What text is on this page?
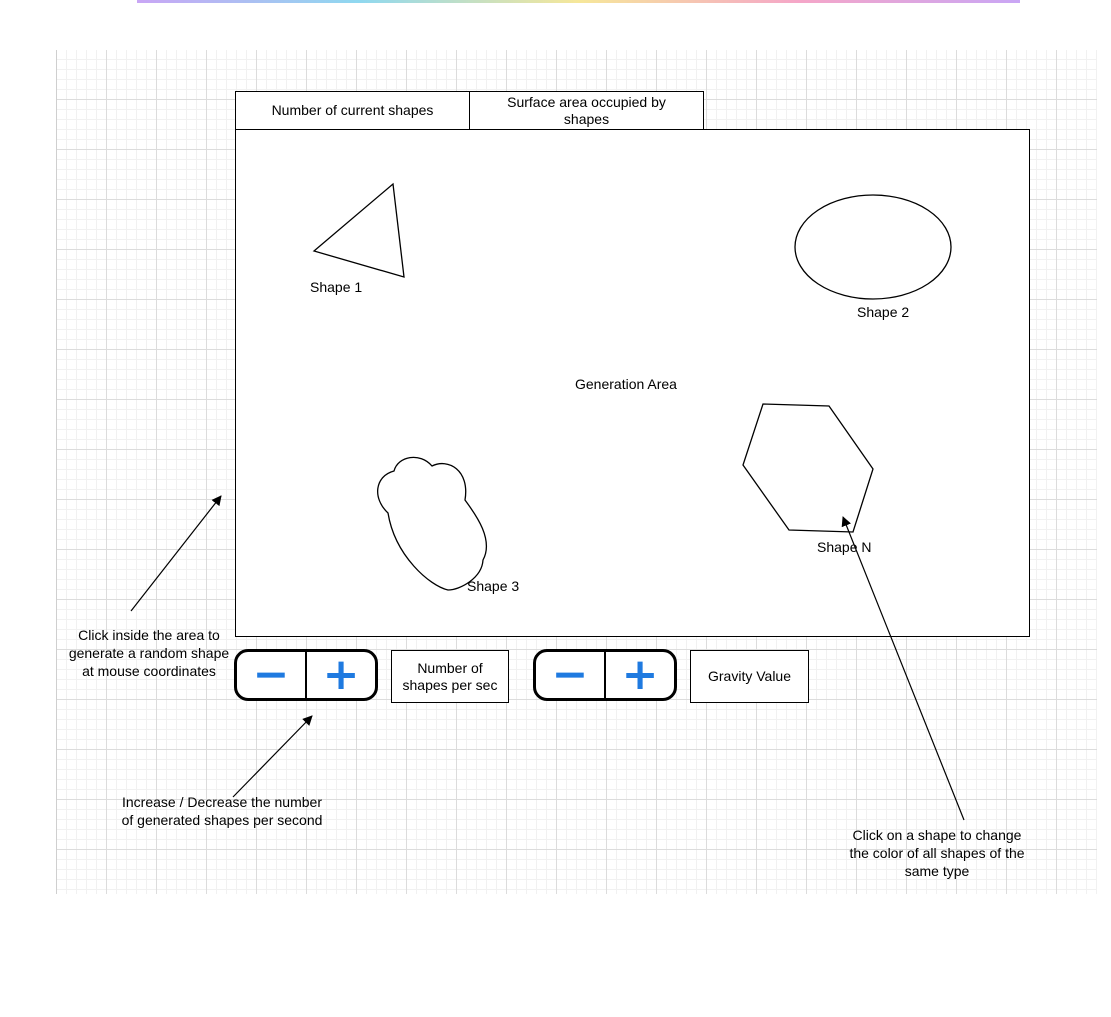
Number of current shapes
Surface area occupied by shapes
Shape 1
Shape 2
Shape 3
Shape N
Generation Area
− +	Number of shapes per sec − +	Gravity Value
Click inside the area to generate a random shape at mouse coordinates
Increase / Decrease the number of generated shapes per second
Click on a shape to change the color of all shapes of the same type
